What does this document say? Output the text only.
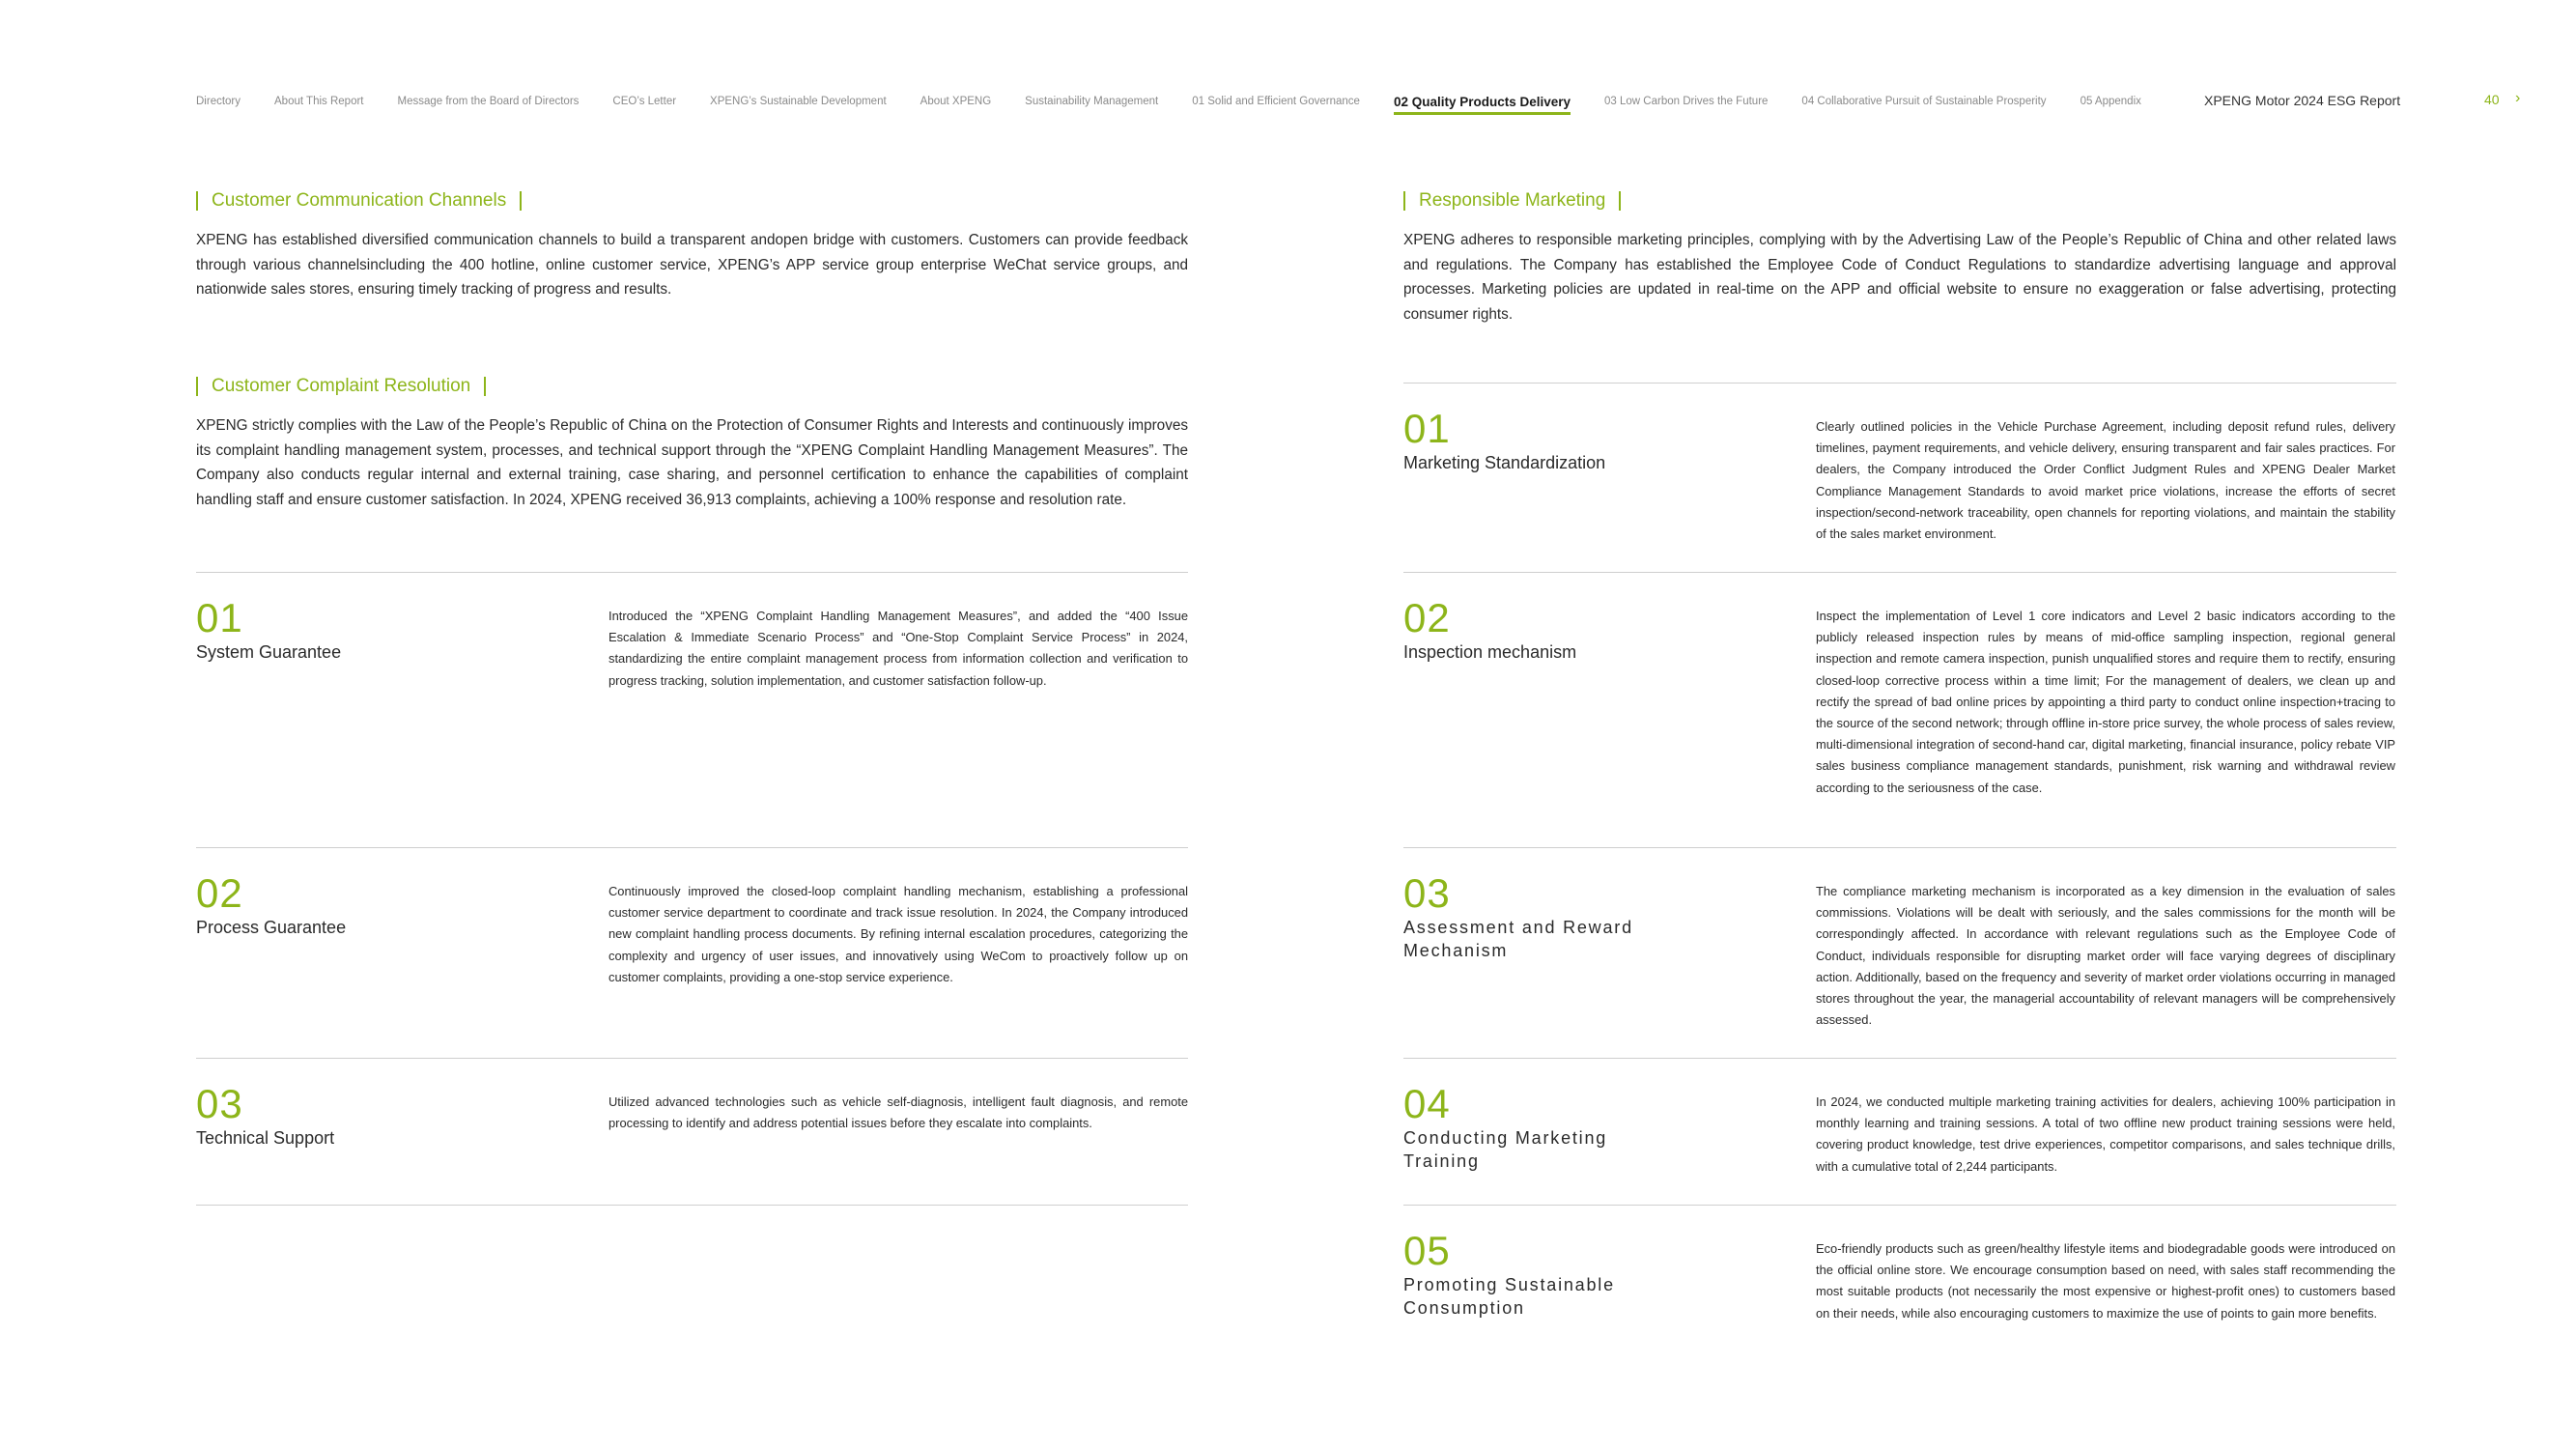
Directory	About This Report	Message from the Board of Directors	CEO’s Letter	XPENG’s Sustainable Development	About XPENG	Sustainability Management	01 Solid and Efficient Governance	02 Quality Products Delivery	03 Low Carbon Drives the Future	04 Collaborative Pursuit of Sustainable Prosperity	05 Appendix	XPENG Motor 2024 ESG Report	40 ›
Customer Communication Channels

XPENG has established diversified communication channels to build a transparent andopen bridge with customers. Customers can provide feedback through various channelsincluding the 400 hotline, online customer service, XPENG’s APP service group enterprise WeChat service groups, and nationwide sales stores, ensuring timely tracking of progress and results.

Customer Complaint Resolution

XPENG strictly complies with the Law of the People’s Republic of China on the Protection of Consumer Rights and Interests and continuously improves its complaint handling management system, processes, and technical support through the “XPENG Complaint Handling Management Measures”. The Company also conducts regular internal and external training, case sharing, and personnel certification to enhance the capabilities of complaint handling staff and ensure customer satisfaction. In 2024, XPENG received 36,913 complaints, achieving a 100% response and resolution rate.

01
System Guarantee

Introduced the “XPENG Complaint Handling Management Measures”, and added the “400 Issue Escalation & Immediate Scenario Process” and “One-Stop Complaint Service Process” in 2024, standardizing the entire complaint management process from information collection and verification to progress tracking, solution implementation, and customer satisfaction follow-up.

02
Process Guarantee

Continuously improved the closed-loop complaint handling mechanism, establishing a professional customer service department to coordinate and track issue resolution. In 2024, the Company introduced new complaint handling process documents. By refining internal escalation procedures, categorizing the complexity and urgency of user issues, and innovatively using WeCom to proactively follow up on customer complaints, providing a one-stop service experience.

03
Technical Support

Utilized advanced technologies such as vehicle self-diagnosis, intelligent fault diagnosis, and remote processing to identify and address potential issues before they escalate into complaints.

Responsible Marketing

XPENG adheres to responsible marketing principles, complying with by the Advertising Law of the People’s Republic of China and other related laws and regulations. The Company has established the Employee Code of Conduct Regulations to standardize advertising language and approval processes. Marketing policies are updated in real-time on the APP and official website to ensure no exaggeration or false advertising, protecting consumer rights.

01
Marketing Standardization

Clearly outlined policies in the Vehicle Purchase Agreement, including deposit refund rules, delivery timelines, payment requirements, and vehicle delivery, ensuring transparent and fair sales practices. For dealers, the Company introduced the Order Conflict Judgment Rules and XPENG Dealer Market Compliance Management Standards to avoid market price violations, increase the efforts of secret inspection/second-network traceability, open channels for reporting violations, and maintain the stability of the sales market environment.

02
Inspection mechanism

Inspect the implementation of Level 1 core indicators and Level 2 basic indicators according to the publicly released inspection rules by means of mid-office sampling inspection, regional general inspection and remote camera inspection, punish unqualified stores and require them to rectify, ensuring closed-loop corrective process within a time limit; For the management of dealers, we clean up and rectify the spread of bad online prices by appointing a third party to conduct online inspection+tracing to the source of the second network; through offline in-store price survey, the whole process of sales review, multi-dimensional integration of second-hand car, digital marketing, financial insurance, policy rebate VIP sales business compliance management standards, punishment, risk warning and withdrawal review according to the seriousness of the case.

03
Assessment and Reward Mechanism

The compliance marketing mechanism is incorporated as a key dimension in the evaluation of sales commissions. Violations will be dealt with seriously, and the sales commissions for the month will be correspondingly affected. In accordance with relevant regulations such as the Employee Code of Conduct, individuals responsible for disrupting market order will face varying degrees of disciplinary action. Additionally, based on the frequency and severity of market order violations occurring in managed stores throughout the year, the managerial accountability of relevant managers will be comprehensively assessed.

04
Conducting Marketing Training

In 2024, we conducted multiple marketing training activities for dealers, achieving 100% participation in monthly learning and training sessions. A total of two offline new product training sessions were held, covering product knowledge, test drive experiences, competitor comparisons, and sales technique drills, with a cumulative total of 2,244 participants.

05
Promoting Sustainable Consumption

Eco-friendly products such as green/healthy lifestyle items and biodegradable goods were introduced on the official online store. We encourage consumption based on need, with sales staff recommending the most suitable products (not necessarily the most expensive or highest-profit ones) to customers based on their needs, while also encouraging customers to maximize the use of points to gain more benefits.
